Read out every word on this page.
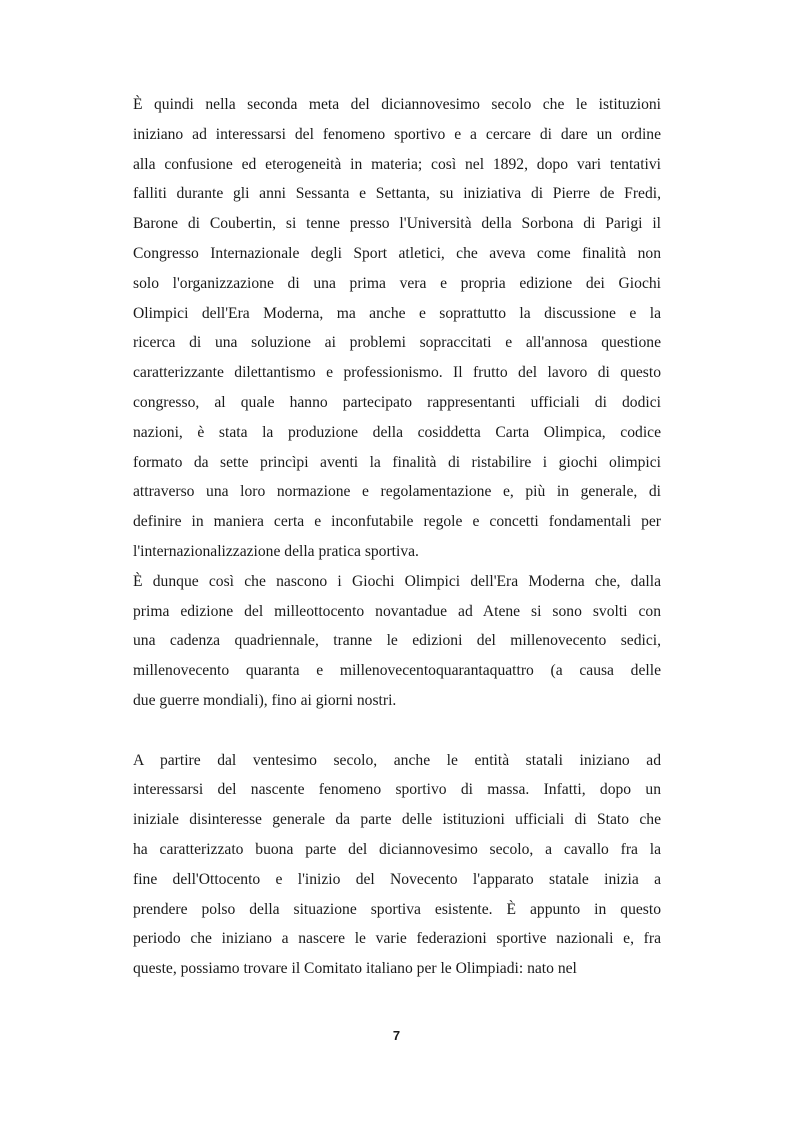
È quindi nella seconda meta del diciannovesimo secolo che le istituzioni
iniziano ad interessarsi del fenomeno sportivo e a cercare di dare un ordine
alla confusione ed eterogeneità in materia; così nel 1892, dopo vari tentativi
falliti durante gli anni Sessanta e Settanta, su iniziativa di Pierre de Fredi,
Barone di Coubertin, si tenne presso l'Università della Sorbona di Parigi il
Congresso Internazionale degli Sport atletici, che aveva come finalità non
solo l'organizzazione di una prima vera e propria edizione dei Giochi
Olimpici dell'Era Moderna, ma anche e soprattutto la discussione e la
ricerca di una soluzione ai problemi sopraccitati e all'annosa questione
caratterizzante dilettantismo e professionismo. Il frutto del lavoro di questo
congresso, al quale hanno partecipato rappresentanti ufficiali di dodici
nazioni, è stata la produzione della cosiddetta Carta Olimpica, codice
formato da sette princìpi aventi la finalità di ristabilire i giochi olimpici
attraverso una loro normazione e regolamentazione e, più in generale, di
definire in maniera certa e inconfutabile regole e concetti fondamentali per
l'internazionalizzazione della pratica sportiva.
È dunque così che nascono i Giochi Olimpici dell'Era Moderna che, dalla
prima edizione del milleottocento novantadue ad Atene si sono svolti con
una cadenza quadriennale, tranne le edizioni del millenovecento sedici,
millenovecento quaranta e millenovecentoquarantaquattro (a causa delle
due guerre mondiali), fino ai giorni nostri.
A partire dal ventesimo secolo, anche le entità statali iniziano ad
interessarsi del nascente fenomeno sportivo di massa. Infatti, dopo un
iniziale disinteresse generale da parte delle istituzioni ufficiali di Stato che
ha caratterizzato buona parte del diciannovesimo secolo, a cavallo fra la
fine dell'Ottocento e l'inizio del Novecento l'apparato statale inizia a
prendere polso della situazione sportiva esistente. È appunto in questo
periodo che iniziano a nascere le varie federazioni sportive nazionali e, fra
queste, possiamo trovare il Comitato italiano per le Olimpiadi: nato nel
7
